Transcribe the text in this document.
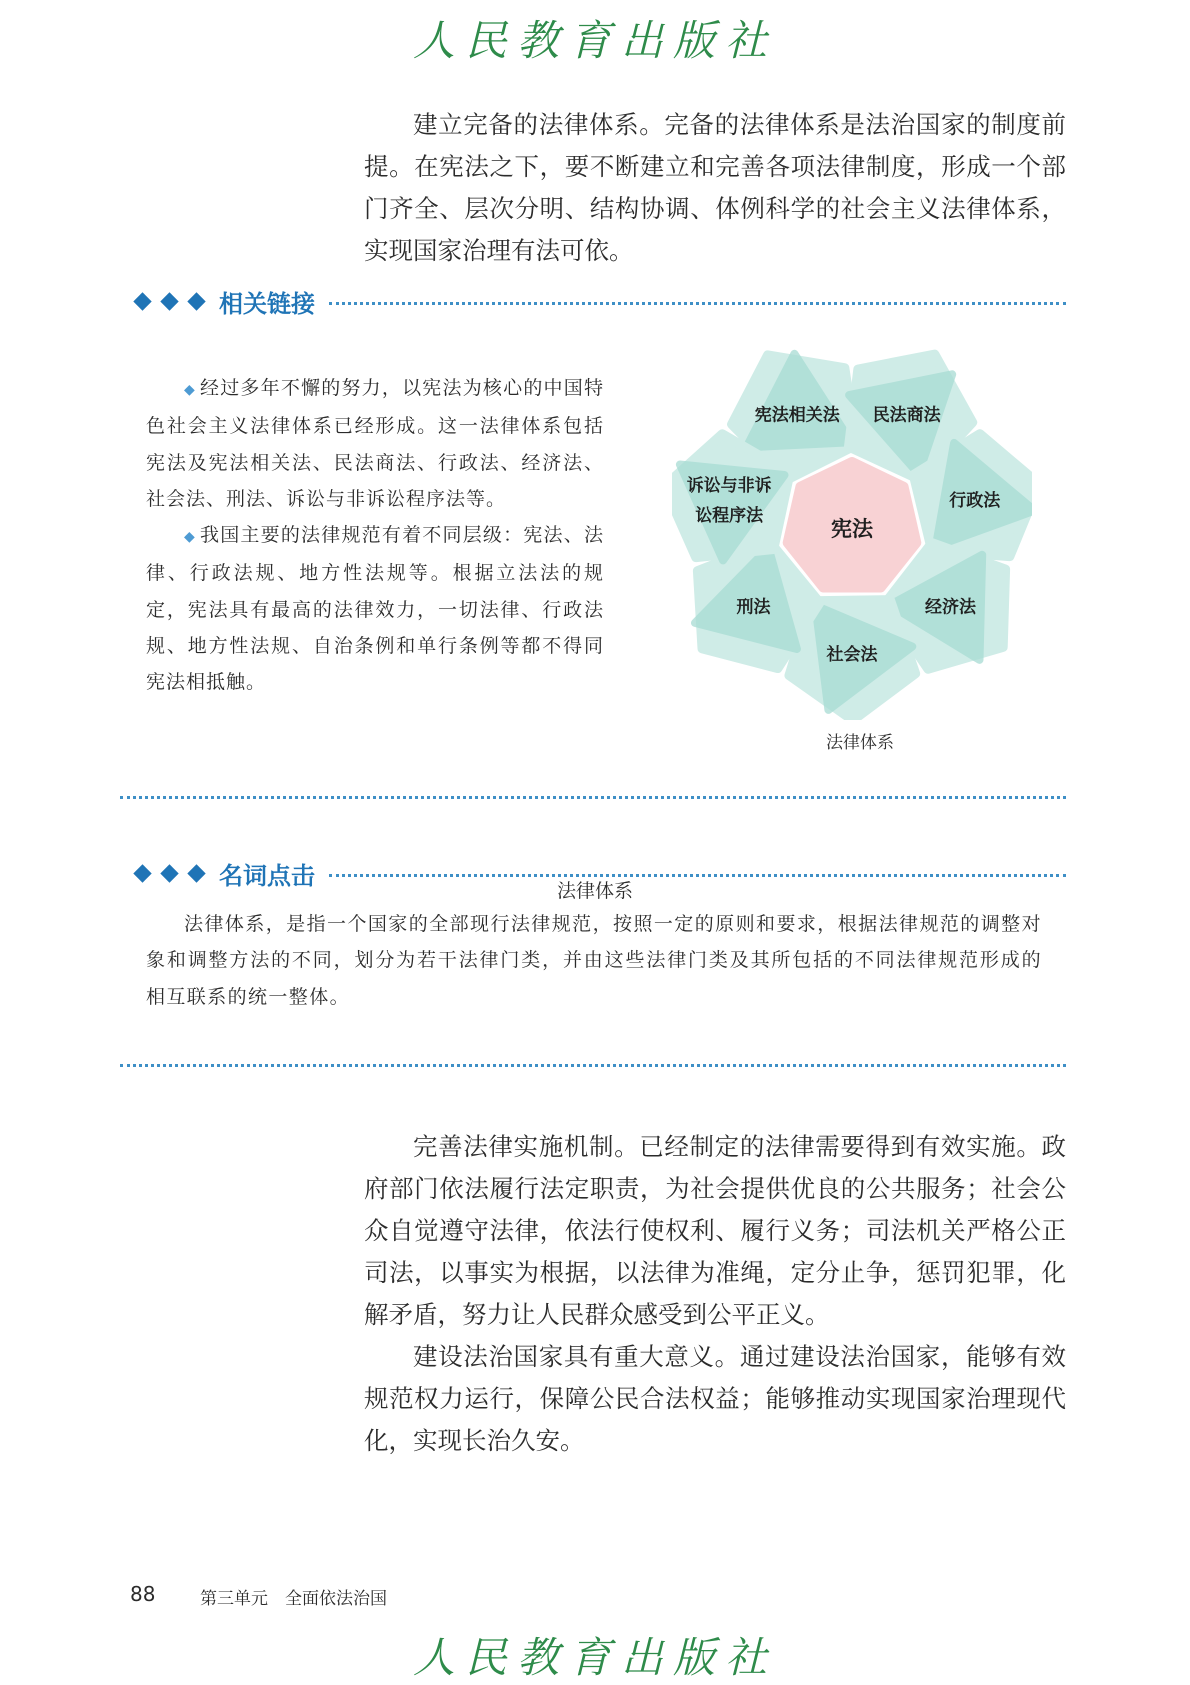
人民教育出版社

建立完备的法律体系。完备的法律体系是法治国家的制度前提。在宪法之下，要不断建立和完善各项法律制度，形成一个部门齐全、层次分明、结构协调、体例科学的社会主义法律体系，实现国家治理有法可依。

相关链接

◆ 经过多年不懈的努力，以宪法为核心的中国特色社会主义法律体系已经形成。这一法律体系包括宪法及宪法相关法、民法商法、行政法、经济法、社会法、刑法、诉讼与非诉讼程序法等。

◆ 我国主要的法律规范有着不同层级：宪法、法律、行政法规、地方性法规等。根据立法法的规定，宪法具有最高的法律效力，一切法律、行政法规、地方性法规、自治条例和单行条例等都不得同宪法相抵触。

宪法相关法 民法商法
行政法
经济法
社会法
刑法
诉讼与非诉
讼程序法
宪法
法律体系
名词点击
法律体系

法律体系，是指一个国家的全部现行法律规范，按照一定的原则和要求，根据法律规范的调整对象和调整方法的不同，划分为若干法律门类，并由这些法律门类及其所包括的不同法律规范形成的相互联系的统一整体。

完善法律实施机制。已经制定的法律需要得到有效实施。政府部门依法履行法定职责，为社会提供优良的公共服务；社会公众自觉遵守法律，依法行使权利、履行义务；司法机关严格公正司法，以事实为根据，以法律为准绳，定分止争，惩罚犯罪，化解矛盾，努力让人民群众感受到公平正义。

建设法治国家具有重大意义。通过建设法治国家，能够有效规范权力运行，保障公民合法权益；能够推动实现国家治理现代化，实现长治久安。

88	第三单元　全面依法治国
人民教育出版社
